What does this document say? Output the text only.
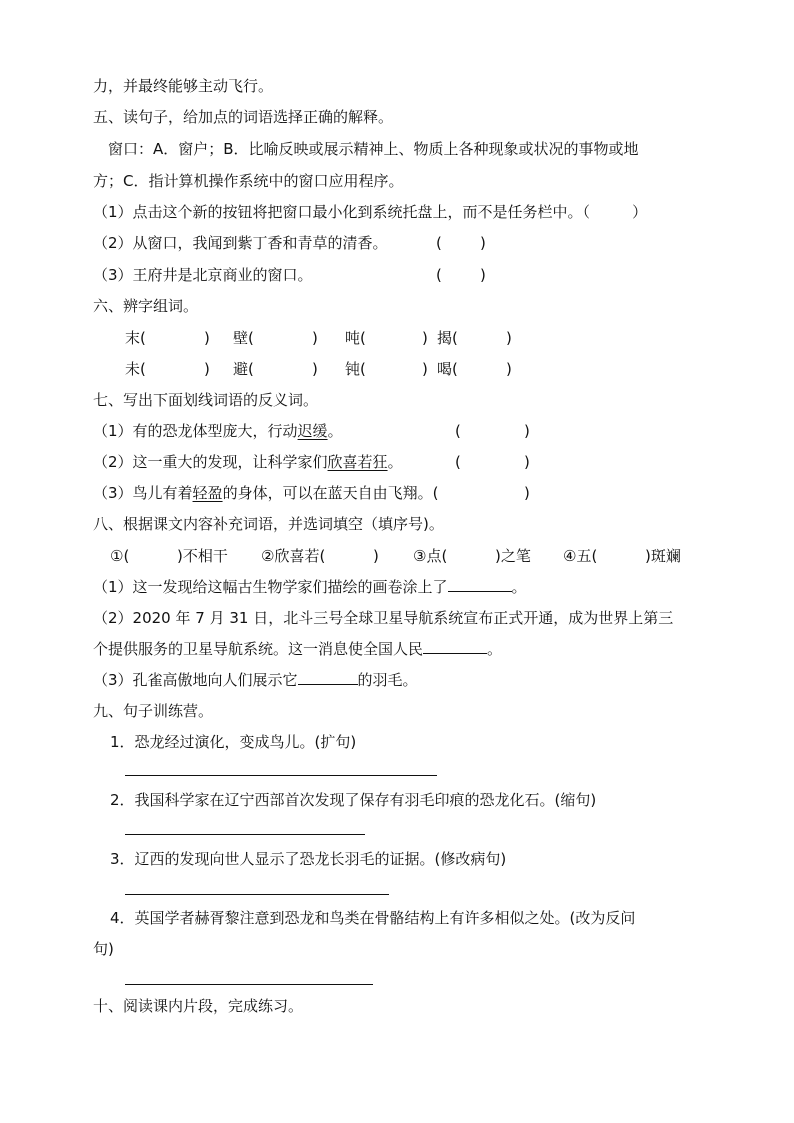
力，并最终能够主动飞行。
五、读句子，给加点的词语选择正确的解释。
窗口：A．窗户；B．比喻反映或展示精神上、物质上各种现象或状况的事物或地
方；C．指计算机操作系统中的窗口应用程序。
（1）点击这个新的按钮将把窗口最小化到系统托盘上，而不是任务栏中。（	）
（2）从窗口，我闻到紫丁香和青草的清香。	(        )
（3）王府井是北京商业的窗口。	(        )
六、辨字组词。
末(	) 壁(	) 吨(	) 揭(	)
未(	) 避(	) 钝(	) 喝(	)
七、写出下面划线词语的反义词。
（1）有的恐龙体型庞大，行动迟缓。	(	)
（2）这一重大的发现，让科学家们欣喜若狂。	(	)
（3）鸟儿有着轻盈的身体，可以在蓝天自由飞翔。(	)
八、根据课文内容补充词语，并选词填空（填序号)。
①(          )不相干 ②欣喜若(          ) ③点(          )之笔 ④五(          )斑斓
（1）这一发现给这幅古生物学家们描绘的画卷涂上了	。
（2）2020 年 7 月 31 日，北斗三号全球卫星导航系统宣布正式开通，成为世界上第三
个提供服务的卫星导航系统。这一消息使全国人民	。
（3）孔雀高傲地向人们展示它	的羽毛。
九、句子训练营。
1．恐龙经过演化，变成鸟儿。(扩句)
2．我国科学家在辽宁西部首次发现了保存有羽毛印痕的恐龙化石。(缩句)
3．辽西的发现向世人显示了恐龙长羽毛的证据。(修改病句)
4．英国学者赫胥黎注意到恐龙和鸟类在骨骼结构上有许多相似之处。(改为反问
句)
十、阅读课内片段，完成练习。
